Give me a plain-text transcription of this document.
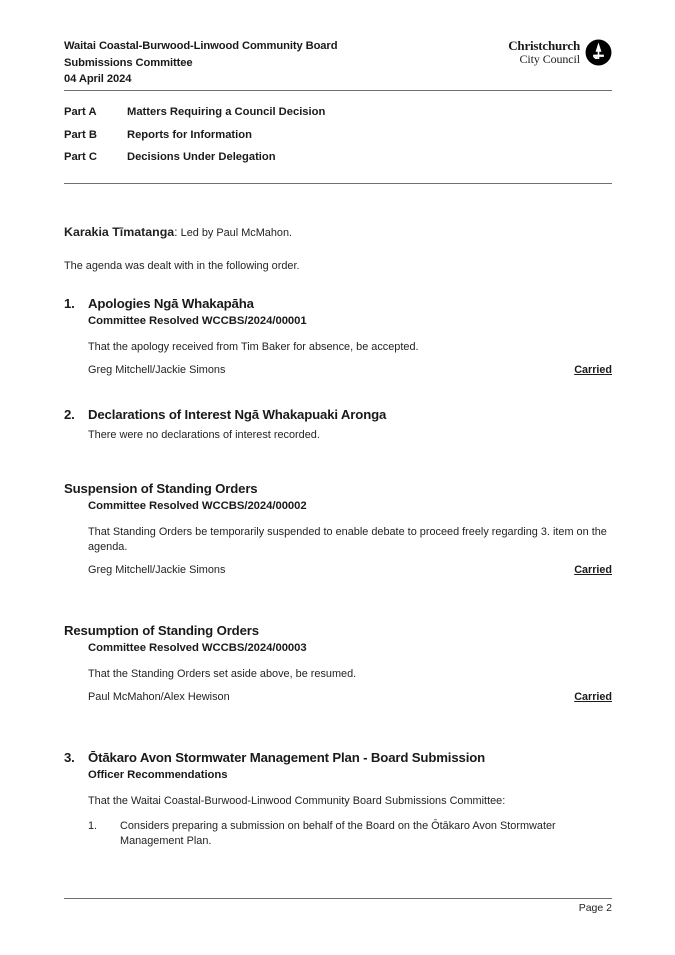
Waitai Coastal-Burwood-Linwood Community Board
Submissions Committee
04 April 2024
Christchurch
City Council
Part A	Matters Requiring a Council Decision
Part B	Reports for Information
Part C	Decisions Under Delegation
Karakia Tīmatanga: Led by Paul McMahon.
The agenda was dealt with in the following order.
1.	Apologies Ngā Whakapāha
Committee Resolved WCCBS/2024/00001
That the apology received from Tim Baker for absence, be accepted.
Greg Mitchell/Jackie Simons	Carried
2.	Declarations of Interest Ngā Whakapuaki Aronga
There were no declarations of interest recorded.
Suspension of Standing Orders
Committee Resolved WCCBS/2024/00002
That Standing Orders be temporarily suspended to enable debate to proceed freely regarding 3. item on the agenda.
Greg Mitchell/Jackie Simons	Carried
Resumption of Standing Orders
Committee Resolved WCCBS/2024/00003
That the Standing Orders set aside above, be resumed.
Paul McMahon/Alex Hewison	Carried
3.	Ōtākaro Avon Stormwater Management Plan - Board Submission
Officer Recommendations
That the Waitai Coastal-Burwood-Linwood Community Board Submissions Committee:
1.	Considers preparing a submission on behalf of the Board on the Ōtākaro Avon Stormwater Management Plan.
Page 2
